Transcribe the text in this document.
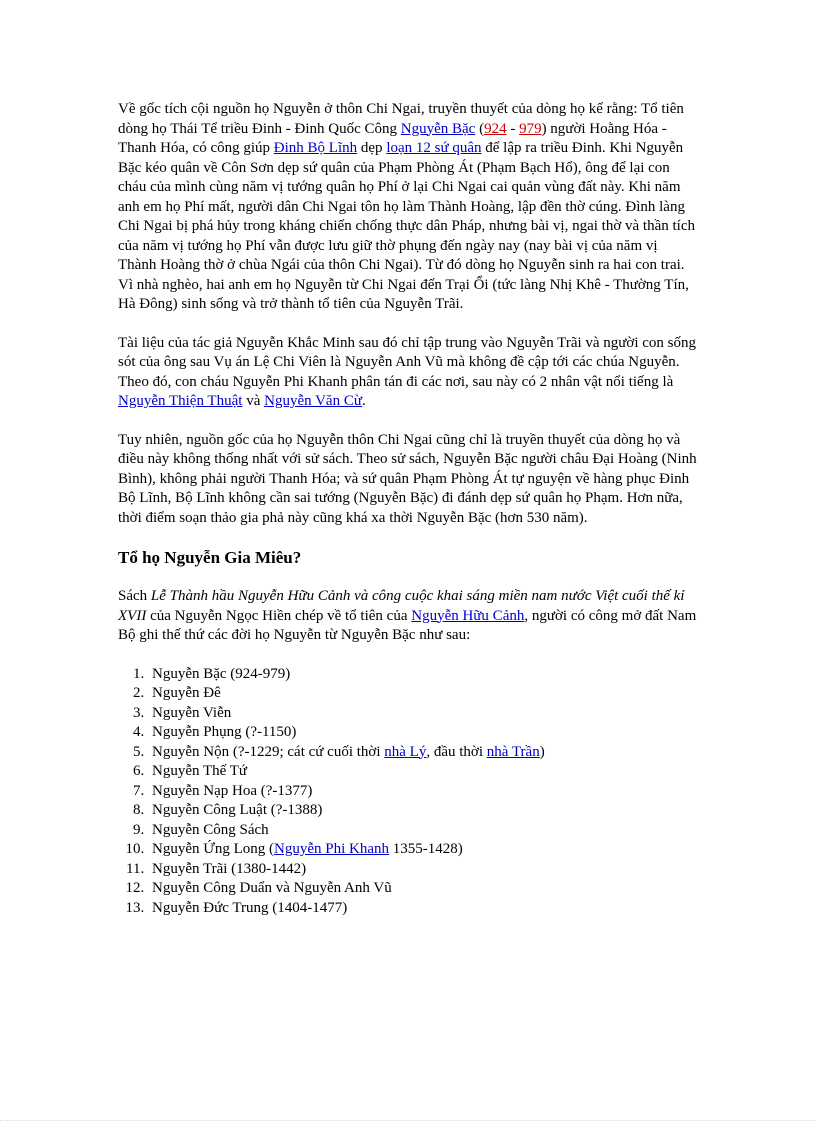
Về gốc tích cội nguồn họ Nguyễn ở thôn Chi Ngai, truyền thuyết của dòng họ kể rằng: Tổ tiên dòng họ Thái Tể triều Đinh - Đinh Quốc Công Nguyễn Bặc (924 - 979) người Hoằng Hóa - Thanh Hóa, có công giúp Đinh Bộ Lĩnh dẹp loạn 12 sứ quân để lập ra triều Đinh. Khi Nguyễn Bặc kéo quân về Côn Sơn dẹp sứ quân của Phạm Phòng Át (Phạm Bạch Hổ), ông để lại con cháu của mình cùng năm vị tướng quân họ Phí ở lại Chi Ngai cai quản vùng đất này. Khi năm anh em họ Phí mất, người dân Chi Ngai tôn họ làm Thành Hoàng, lập đền thờ cúng. Đình làng Chi Ngai bị phá hủy trong kháng chiến chống thực dân Pháp, nhưng bài vị, ngai thờ và thần tích của năm vị tướng họ Phí vẫn được lưu giữ thờ phụng đến ngày nay (nay bài vị của năm vị Thành Hoàng thờ ở chùa Ngái của thôn Chi Ngai). Từ đó dòng họ Nguyễn sinh ra hai con trai. Vì nhà nghèo, hai anh em họ Nguyễn từ Chi Ngai đến Trại Ổi (tức làng Nhị Khê - Thường Tín, Hà Đông) sinh sống và trở thành tổ tiên của Nguyễn Trãi.

Tài liệu của tác giả Nguyễn Khắc Minh sau đó chỉ tập trung vào Nguyễn Trãi và người con sống sót của ông sau Vụ án Lệ Chi Viên là Nguyễn Anh Vũ mà không đề cập tới các chúa Nguyễn. Theo đó, con cháu Nguyễn Phi Khanh phân tán đi các nơi, sau này có 2 nhân vật nổi tiếng là Nguyễn Thiện Thuật và Nguyễn Văn Cừ.

Tuy nhiên, nguồn gốc của họ Nguyễn thôn Chi Ngai cũng chỉ là truyền thuyết của dòng họ và điều này không thống nhất với sử sách. Theo sử sách, Nguyễn Bặc người châu Đại Hoàng (Ninh Bình), không phải người Thanh Hóa; và sứ quân Phạm Phòng Át tự nguyện về hàng phục Đinh Bộ Lĩnh, Bộ Lĩnh không cần sai tướng (Nguyễn Bặc) đi đánh dẹp sứ quân họ Phạm. Hơn nữa, thời điểm soạn thảo gia phả này cũng khá xa thời Nguyễn Bặc (hơn 530 năm).

Tổ họ Nguyễn Gia Miêu?

Sách Lễ Thành hầu Nguyễn Hữu Cảnh và công cuộc khai sáng miền nam nước Việt cuối thế kỉ XVII của Nguyễn Ngọc Hiền chép về tổ tiên của Nguyễn Hữu Cảnh, người có công mở đất Nam Bộ ghi thế thứ các đời họ Nguyễn từ Nguyễn Bặc như sau:

1. Nguyễn Bặc (924-979)
2. Nguyễn Đê
3. Nguyễn Viễn
4. Nguyễn Phụng (?-1150)
5. Nguyễn Nộn (?-1229; cát cứ cuối thời nhà Lý, đầu thời nhà Trần)
6. Nguyễn Thế Tứ
7. Nguyễn Nạp Hoa (?-1377)
8. Nguyễn Công Luật (?-1388)
9. Nguyễn Công Sách
10. Nguyễn Ứng Long (Nguyễn Phi Khanh 1355-1428)
11. Nguyễn Trãi (1380-1442)
12. Nguyễn Công Duẩn và Nguyễn Anh Vũ
13. Nguyễn Đức Trung (1404-1477)
